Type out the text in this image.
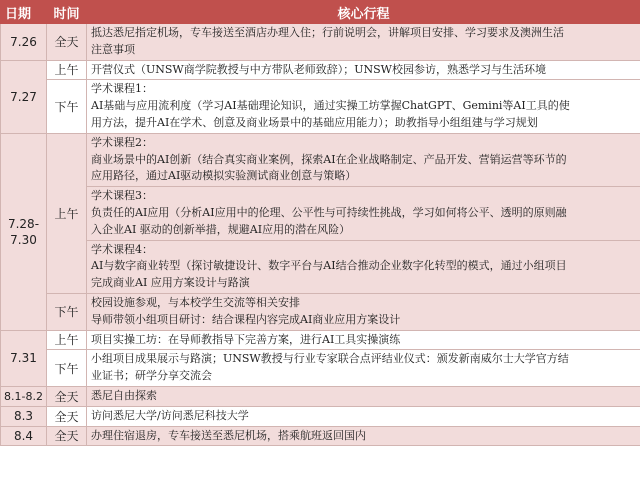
日期	时间	核心行程
7.26	全天	抵达悉尼指定机场，专车接送至酒店办理入住；行前说明会，讲解项目安排、学习要求及澳洲生活
注意事项

7.27	上午	开营仪式（UNSW商学院教授与中方带队老师致辞）；UNSW校园参访，熟悉学习与生活环境

	下午	学术课程1：
AI基础与应用流利度（学习AI基础理论知识，通过实操工坊掌握ChatGPT、Gemini等AI工具的使
用方法，提升AI在学术、创意及商业场景中的基础应用能力）；助教指导小组组建与学习规划

7.28-
7.30	上午	学术课程2：
商业场景中的AI创新（结合真实商业案例，探索AI在企业战略制定、产品开发、营销运营等环节的
应用路径，通过AI驱动模拟实验测试商业创意与策略）

		学术课程3：
负责任的AI应用（分析AI应用中的伦理、公平性与可持续性挑战，学习如何将公平、透明的原则融
入企业AI 驱动的创新举措，规避AI应用的潜在风险）

		学术课程4：
AI与数字商业转型（探讨敏捷设计、数字平台与AI结合推动企业数字化转型的模式，通过小组项目
完成商业AI 应用方案设计与路演

	下午	校园设施参观，与本校学生交流等相关安排
导师带领小组项目研讨：结合课程内容完成AI商业应用方案设计

7.31	上午	项目实操工坊：在导师教指导下完善方案，进行AI工具实操演练

	下午	小组项目成果展示与路演；UNSW教授与行业专家联合点评结业仪式：颁发新南威尔士大学官方结
业证书；研学分享交流会

8.1-8.2	全天	悉尼自由探索

8.3	全天	访问悉尼大学/访问悉尼科技大学

8.4	全天	办理住宿退房，专车接送至悉尼机场，搭乘航班返回国内
